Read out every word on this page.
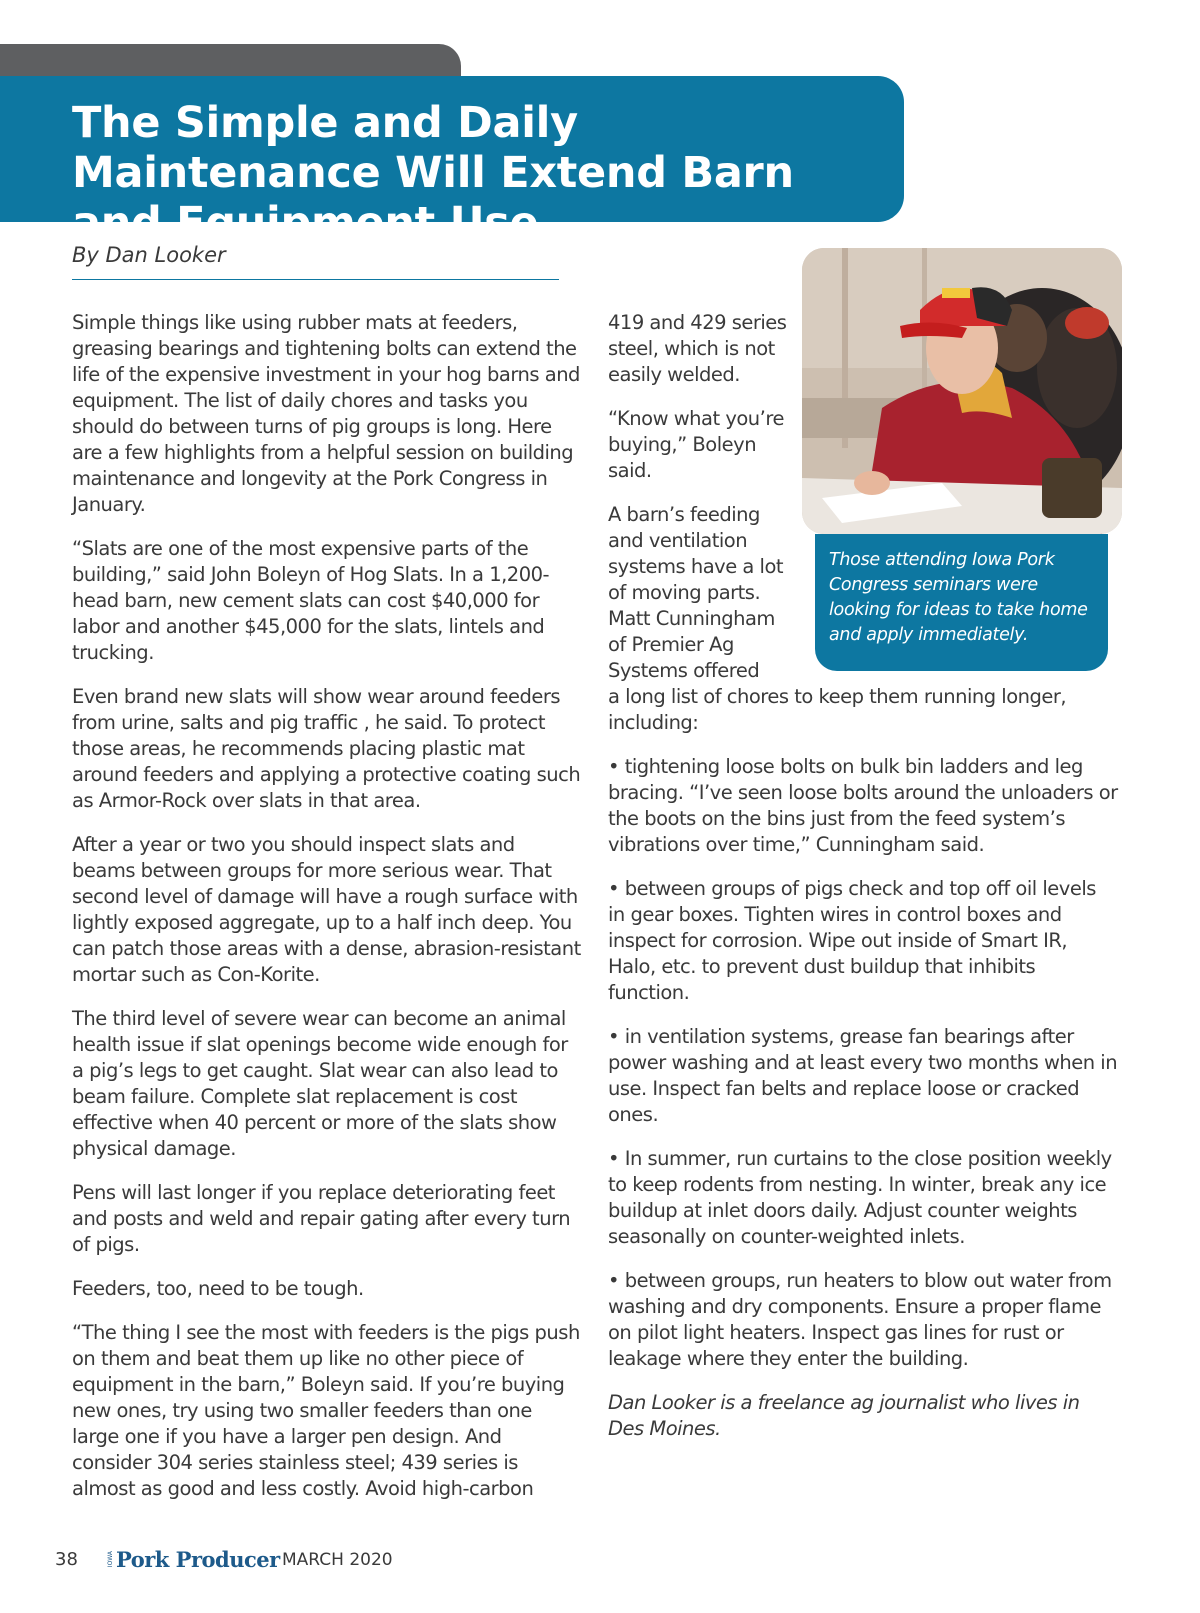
The Simple and Daily Maintenance Will Extend Barn and Equipment Use

By Dan Looker

Simple things like using rubber mats at feeders, greasing bearings and tightening bolts can extend the life of the expensive investment in your hog barns and equipment. The list of daily chores and tasks you should do between turns of pig groups is long. Here are a few highlights from a helpful session on building maintenance and longevity at the Pork Congress in January.

“Slats are one of the most expensive parts of the building,” said John Boleyn of Hog Slats. In a 1,200-head barn, new cement slats can cost $40,000 for labor and another $45,000 for the slats, lintels and trucking.

Even brand new slats will show wear around feeders from urine, salts and pig traffic , he said. To protect those areas, he recommends placing plastic mat around feeders and applying a protective coating such as Armor-Rock over slats in that area.

After a year or two you should inspect slats and beams between groups for more serious wear. That second level of damage will have a rough surface with lightly exposed aggregate, up to a half inch deep. You can patch those areas with a dense, abrasion-resistant mortar such as Con-Korite.

The third level of severe wear can become an animal health issue if slat openings become wide enough for a pig’s legs to get caught. Slat wear can also lead to beam failure. Complete slat replacement is cost effective when 40 percent or more of the slats show physical damage.

Pens will last longer if you replace deteriorating feet and posts and weld and repair gating after every turn of pigs.

Feeders, too, need to be tough.

“The thing I see the most with feeders is the pigs push on them and beat them up like no other piece of equipment in the barn,” Boleyn said. If you’re buying new ones, try using two smaller feeders than one large one if you have a larger pen design. And consider 304 series stainless steel; 439 series is almost as good and less costly. Avoid high-carbon

419 and 429 series steel, which is not easily welded.

“Know what you’re buying,” Boleyn said.

A barn’s feeding and ventilation systems have a lot of moving parts. Matt Cunningham of Premier Ag Systems offered

a long list of chores to keep them running longer, including:

• tightening loose bolts on bulk bin ladders and leg bracing. “I’ve seen loose bolts around the unloaders or the boots on the bins just from the feed system’s vibrations over time,” Cunningham said.

• between groups of pigs check and top off oil levels in gear boxes. Tighten wires in control boxes and inspect for corrosion. Wipe out inside of Smart IR, Halo, etc. to prevent dust buildup that inhibits function.

• in ventilation systems, grease fan bearings after power washing and at least every two months when in use. Inspect fan belts and replace loose or cracked ones.

• In summer, run curtains to the close position weekly to keep rodents from nesting. In winter, break any ice buildup at inlet doors daily. Adjust counter weights seasonally on counter-weighted inlets.

• between groups, run heaters to blow out water from washing and dry components. Ensure a proper flame on pilot light heaters. Inspect gas lines for rust or leakage where they enter the building.

Dan Looker is a freelance ag journalist who lives in Des Moines.

Those attending Iowa Pork Congress seminars were looking for ideas to take home and apply immediately.

38	IOWA Pork Producer MARCH 2020
